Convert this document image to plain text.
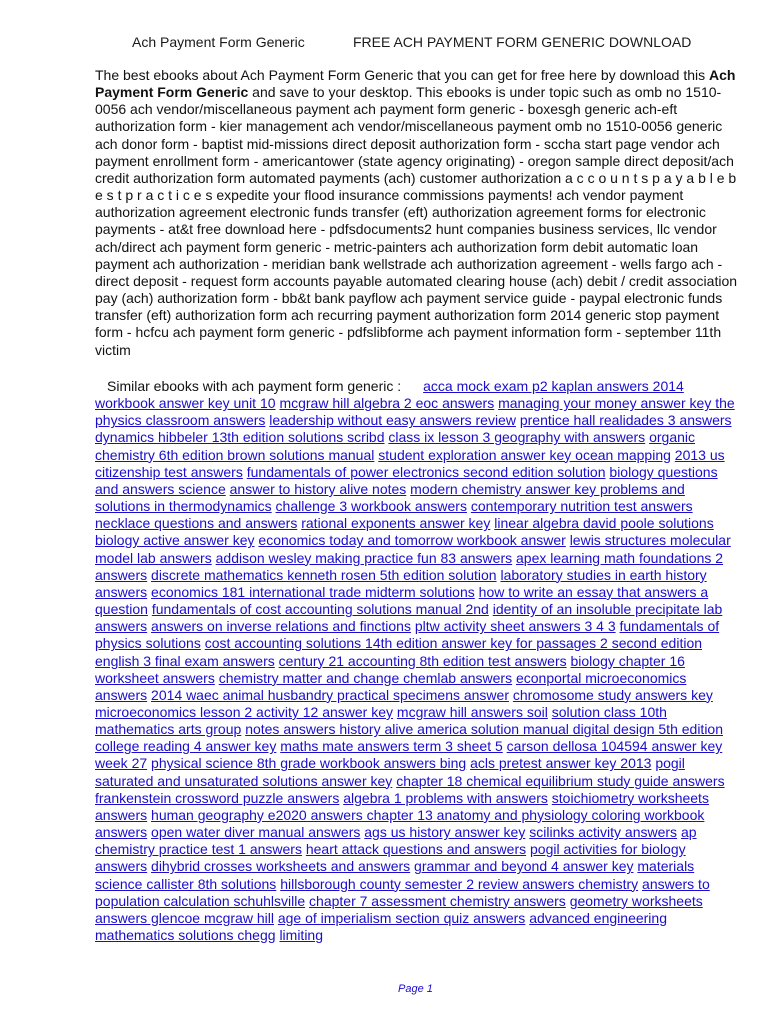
Ach Payment Form Generic	FREE ACH PAYMENT FORM GENERIC DOWNLOAD
The best ebooks about Ach Payment Form Generic that you can get for free here by download this Ach Payment Form Generic and save to your desktop. This ebooks is under topic such as omb no 1510-0056 ach vendor/miscellaneous payment ach payment form generic - boxesgh generic ach-eft authorization form - kier management ach vendor/miscellaneous payment omb no 1510-0056 generic ach donor form - baptist mid-missions direct deposit authorization form - sccha start page vendor ach payment enrollment form - americantower (state agency originating) - oregon sample direct deposit/ach credit authorization form automated payments (ach) customer authorization a c c o u n t s p a y a b l e b e s t p r a c t i c e s expedite your flood insurance commissions payments! ach vendor payment authorization agreement electronic funds transfer (eft) authorization agreement forms for electronic payments - at&t free download here - pdfsdocuments2 hunt companies business services, llc vendor ach/direct ach payment form generic - metric-painters ach authorization form debit automatic loan payment ach authorization - meridian bank wellstrade ach authorization agreement - wells fargo ach - direct deposit - request form accounts payable automated clearing house (ach) debit / credit association pay (ach) authorization form - bb&t bank payflow ach payment service guide - paypal electronic funds transfer (eft) authorization form ach recurring payment authorization form 2014 generic stop payment form - hcfcu ach payment form generic - pdfslibforme ach payment information form - september 11th victim
Similar ebooks with ach payment form generic : acca mock exam p2 kaplan answers 2014 workbook answer key unit 10 mcgraw hill algebra 2 eoc answers managing your money answer key the physics classroom answers leadership without easy answers review prentice hall realidades 3 answers dynamics hibbeler 13th edition solutions scribd class ix lesson 3 geography with answers organic chemistry 6th edition brown solutions manual student exploration answer key ocean mapping 2013 us citizenship test answers fundamentals of power electronics second edition solution biology questions and answers science answer to history alive notes modern chemistry answer key problems and solutions in thermodynamics challenge 3 workbook answers contemporary nutrition test answers necklace questions and answers rational exponents answer key linear algebra david poole solutions biology active answer key economics today and tomorrow workbook answer lewis structures molecular model lab answers addison wesley making practice fun 83 answers apex learning math foundations 2 answers discrete mathematics kenneth rosen 5th edition solution laboratory studies in earth history answers economics 181 international trade midterm solutions how to write an essay that answers a question fundamentals of cost accounting solutions manual 2nd identity of an insoluble precipitate lab answers answers on inverse relations and finctions pltw activity sheet answers 3 4 3 fundamentals of physics solutions cost accounting solutions 14th edition answer key for passages 2 second edition english 3 final exam answers century 21 accounting 8th edition test answers biology chapter 16 worksheet answers chemistry matter and change chemlab answers econportal microeconomics answers 2014 waec animal husbandry practical specimens answer chromosome study answers key microeconomics lesson 2 activity 12 answer key mcgraw hill answers soil solution class 10th mathematics arts group notes answers history alive america solution manual digital design 5th edition college reading 4 answer key maths mate answers term 3 sheet 5 carson dellosa 104594 answer key week 27 physical science 8th grade workbook answers bing acls pretest answer key 2013 pogil saturated and unsaturated solutions answer key chapter 18 chemical equilibrium study guide answers frankenstein crossword puzzle answers algebra 1 problems with answers stoichiometry worksheets answers human geography e2020 answers chapter 13 anatomy and physiology coloring workbook answers open water diver manual answers ags us history answer key scilinks activity answers ap chemistry practice test 1 answers heart attack questions and answers pogil activities for biology answers dihybrid crosses worksheets and answers grammar and beyond 4 answer key materials science callister 8th solutions hillsborough county semester 2 review answers chemistry answers to population calculation schuhlsville chapter 7 assessment chemistry answers geometry worksheets answers glencoe mcgraw hill age of imperialism section quiz answers advanced engineering mathematics solutions chegg limiting
Page 1
